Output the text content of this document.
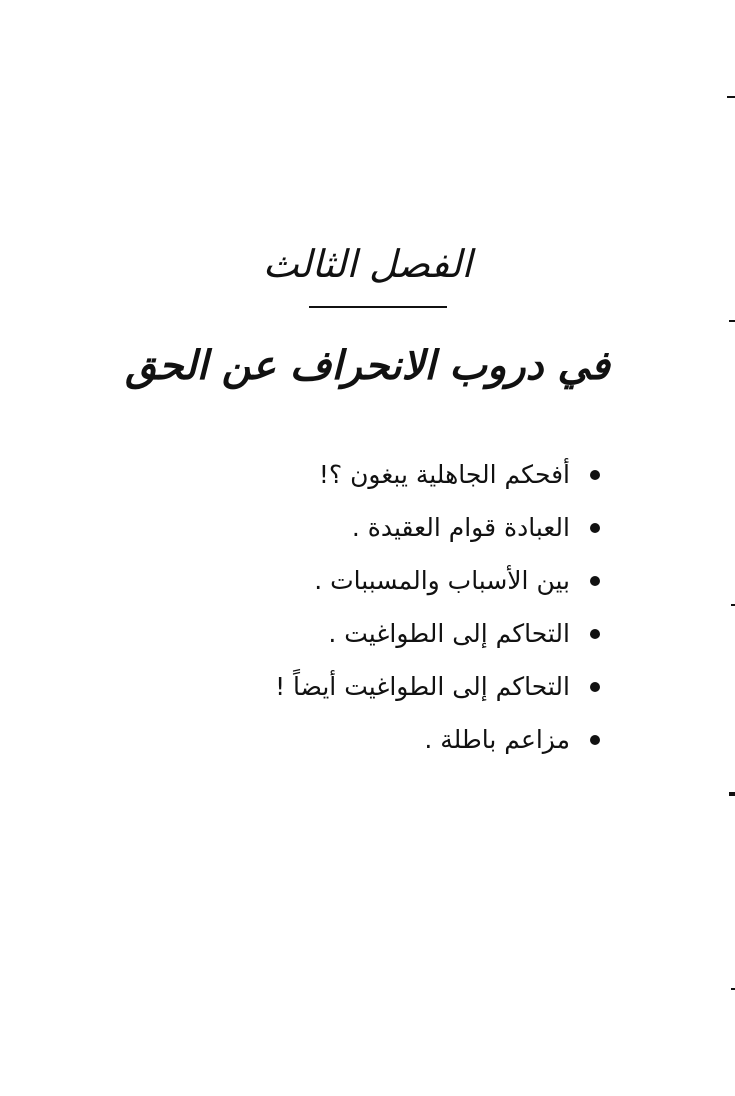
الفصل الثالث
في دروب الانحراف عن الحق
أفحكم الجاهلية يبغون ؟!
العبادة قوام العقيدة .
بين الأسباب والمسببات .
التحاكم إلى الطواغيت .
التحاكم إلى الطواغيت أيضاً !
مزاعم باطلة .
